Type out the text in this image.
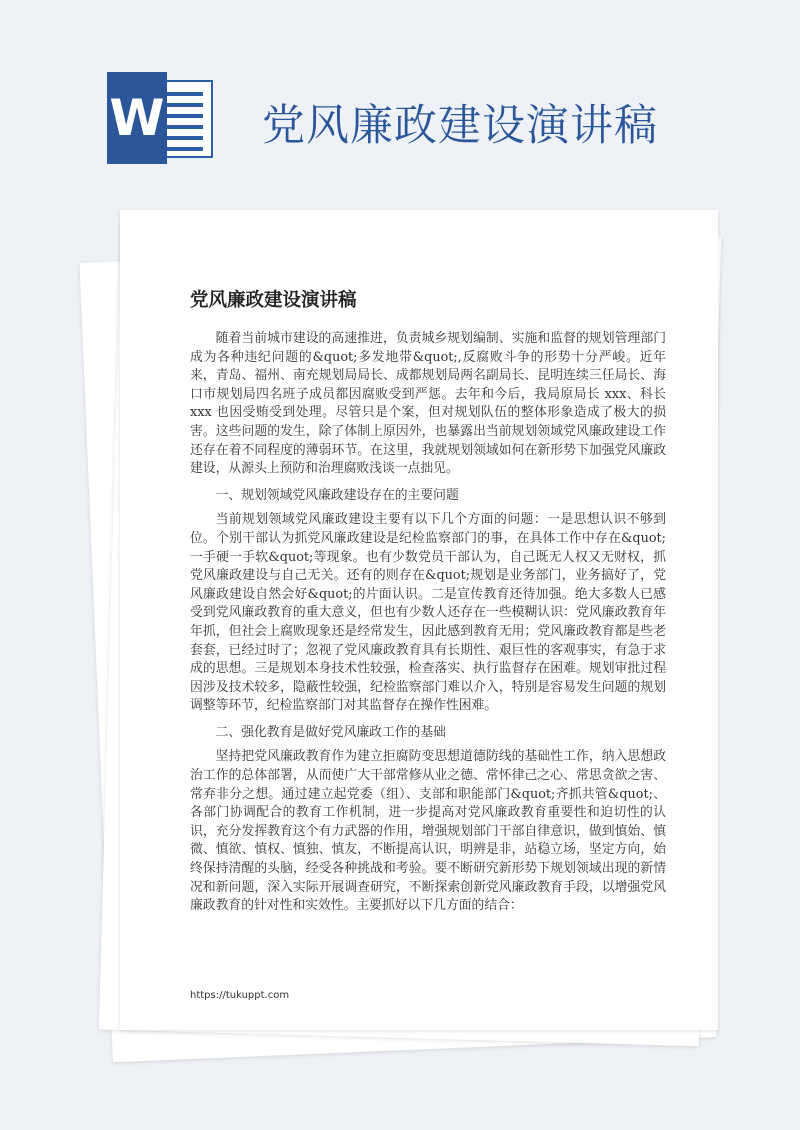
W 党风廉政建设演讲稿
党风廉政建设演讲稿

随着当前城市建设的高速推进，负责城乡规划编制、实施和监督的规划管理部门成为各种违纪问题的&quot;多发地带&quot;,反腐败斗争的形势十分严峻。近年来，青岛、福州、南充规划局局长、成都规划局两名副局长、昆明连续三任局长、海口市规划局四名班子成员都因腐败受到严惩。去年和今后，我局原局长 xxx、科长 xxx 也因受贿受到处理。尽管只是个案，但对规划队伍的整体形象造成了极大的损害。这些问题的发生，除了体制上原因外，也暴露出当前规划领域党风廉政建设工作还存在着不同程度的薄弱环节。在这里，我就规划领域如何在新形势下加强党风廉政建设，从源头上预防和治理腐败浅谈一点拙见。

一、规划领域党风廉政建设存在的主要问题

当前规划领域党风廉政建设主要有以下几个方面的问题：一是思想认识不够到位。个别干部认为抓党风廉政建设是纪检监察部门的事，在具体工作中存在&quot;一手硬一手软&quot;等现象。也有少数党员干部认为，自己既无人权又无财权，抓党风廉政建设与自己无关。还有的则存在&quot;规划是业务部门，业务搞好了，党风廉政建设自然会好&quot;的片面认识。二是宣传教育还待加强。绝大多数人已感受到党风廉政教育的重大意义，但也有少数人还存在一些模糊认识：党风廉政教育年年抓，但社会上腐败现象还是经常发生，因此感到教育无用；党风廉政教育都是些老套套，已经过时了；忽视了党风廉政教育具有长期性、艰巨性的客观事实，有急于求成的思想。三是规划本身技术性较强，检查落实、执行监督存在困难。规划审批过程因涉及技术较多，隐蔽性较强，纪检监察部门难以介入，特别是容易发生问题的规划调整等环节，纪检监察部门对其监督存在操作性困难。

二、强化教育是做好党风廉政工作的基础

坚持把党风廉政教育作为建立拒腐防变思想道德防线的基础性工作，纳入思想政治工作的总体部署，从而使广大干部常修从业之德、常怀律己之心、常思贪欲之害、常弃非分之想。通过建立起党委（组）、支部和职能部门&quot;齐抓共管&quot;、各部门协调配合的教育工作机制，进一步提高对党风廉政教育重要性和迫切性的认识，充分发挥教育这个有力武器的作用，增强规划部门干部自律意识，做到慎始、慎微、慎欲、慎权、慎独、慎友，不断提高认识，明辨是非，站稳立场，坚定方向，始终保持清醒的头脑，经受各种挑战和考验。要不断研究新形势下规划领域出现的新情况和新问题，深入实际开展调查研究，不断探索创新党风廉政教育手段，以增强党风廉政教育的针对性和实效性。主要抓好以下几方面的结合：

https://tukuppt.com
